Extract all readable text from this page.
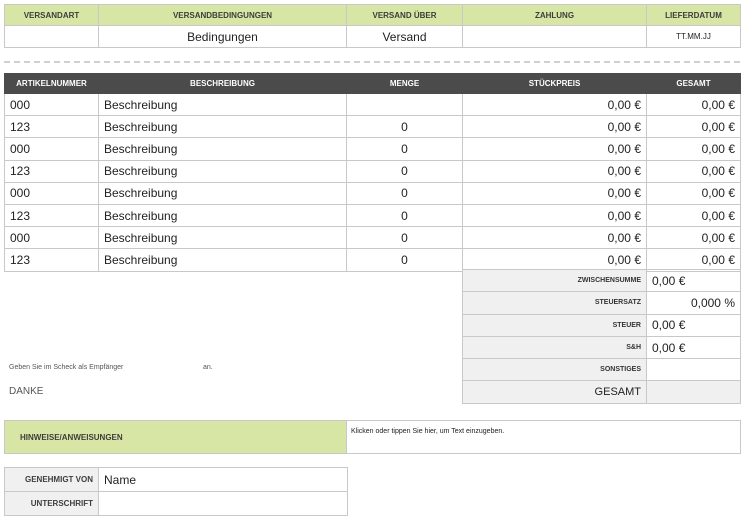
VERSANDART	VERSANDBEDINGUNGEN	VERSAND ÜBER	ZAHLUNG	LIEFERDATUM
	Bedingungen	Versand		TT.MM.JJ
ARTIKELNUMMER	BESCHREIBUNG	MENGE	STÜCKPREIS	GESAMT
000	Beschreibung		0,00 €	0,00 €
123	Beschreibung	0	0,00 €	0,00 €
000	Beschreibung	0	0,00 €	0,00 €
123	Beschreibung	0	0,00 €	0,00 €
000	Beschreibung	0	0,00 €	0,00 €
123	Beschreibung	0	0,00 €	0,00 €
000	Beschreibung	0	0,00 €	0,00 €
123	Beschreibung	0	0,00 €	0,00 €
ZWISCHENSUMME	0,00 €
STEUERSATZ	0,000 %
STEUER	0,00 €
S&H	0,00 €
SONSTIGES	
GESAMT	
Geben Sie im Scheck als Empfänger	an.
DANKE
HINWEISE/ANWEISUNGEN	Klicken oder tippen Sie hier, um Text einzugeben.
GENEHMIGT VON	Name
UNTERSCHRIFT	
